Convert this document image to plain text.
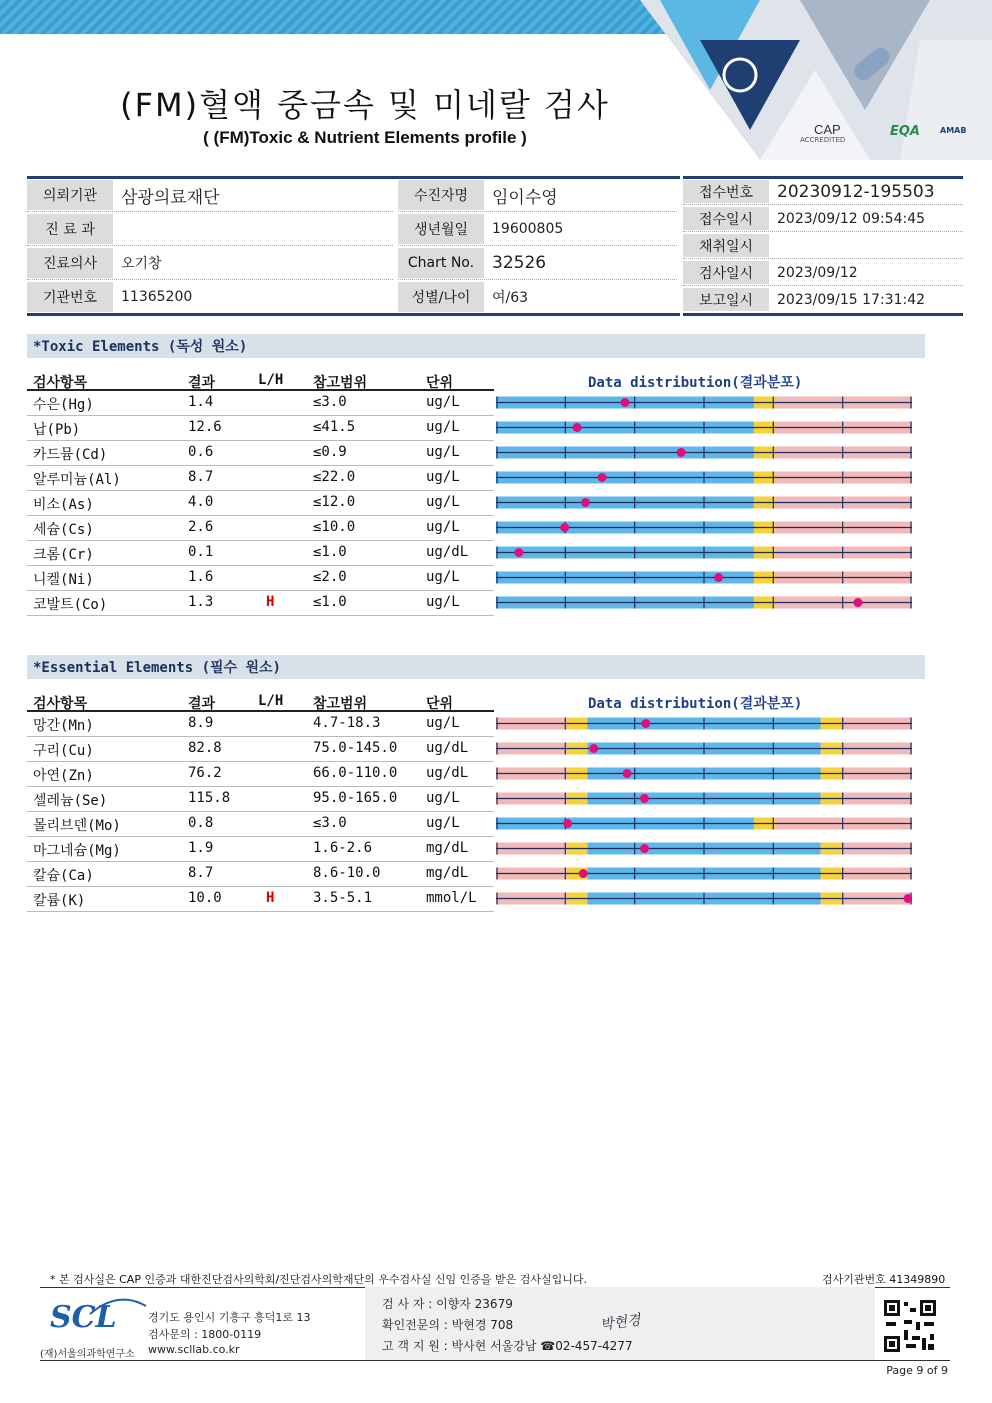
CAP
ACCREDITED
EQA	AMAB
(FM)혈액 중금속 및 미네랄 검사
( (FM)Toxic & Nutrient Elements profile )
*Toxic Elements (독성 원소)
*Essential Elements (필수 원소)
* 본 검사실은 CAP 인증과 대한진단검사의학회/진단검사의학재단의 우수검사실 신임 인증을 받은 검사실입니다.	검사기관번호 41349890
SCL
(재)서울의과학연구소
경기도 용인시 기흥구 흥덕1로 13
검사문의 : 1800-0119
www.scllab.co.kr
검 사 자 : 이향자 23679
확인전문의 : 박현경 708
고 객 지 원 : 박사현 서울강남 ☎02-457-4277
박현경
Page 9 of 9
의뢰기관	삼광의료재단
진 료 과
진료의사	오기창
기관번호	11365200
수진자명	임이수영
생년월일	19600805
Chart No.	32526
성별/나이	여/63
접수번호	20230912-195503
접수일시	2023/09/12 09:54:45
채취일시
검사일시	2023/09/12
보고일시	2023/09/15 17:31:42
검사항목	결과	L/H 참고범위	단위	Data distribution(결과분포)
수은(Hg)	1.4	≤3.0	ug/L
납(Pb)	12.6	≤41.5	ug/L
카드뮴(Cd)	0.6	≤0.9	ug/L
알루미늄(Al)	8.7	≤22.0	ug/L
비소(As)	4.0	≤12.0	ug/L
세슘(Cs)	2.6	≤10.0	ug/L
크롬(Cr)	0.1	≤1.0	ug/dL
니켈(Ni)	1.6	≤2.0	ug/L
코발트(Co)	1.3	H	≤1.0	ug/L
검사항목	결과	L/H 참고범위	단위	Data distribution(결과분포)
망간(Mn)	8.9	4.7-18.3	ug/L
구리(Cu)	82.8	75.0-145.0 ug/dL
아연(Zn)	76.2	66.0-110.0 ug/dL
셀레늄(Se)	115.8	95.0-165.0 ug/L
몰리브덴(Mo)	0.8	≤3.0	ug/L
마그네슘(Mg)	1.9	1.6-2.6	mg/dL
칼슘(Ca)	8.7	8.6-10.0	mg/dL
칼륨(K)	10.0	H	3.5-5.1	mmol/L
